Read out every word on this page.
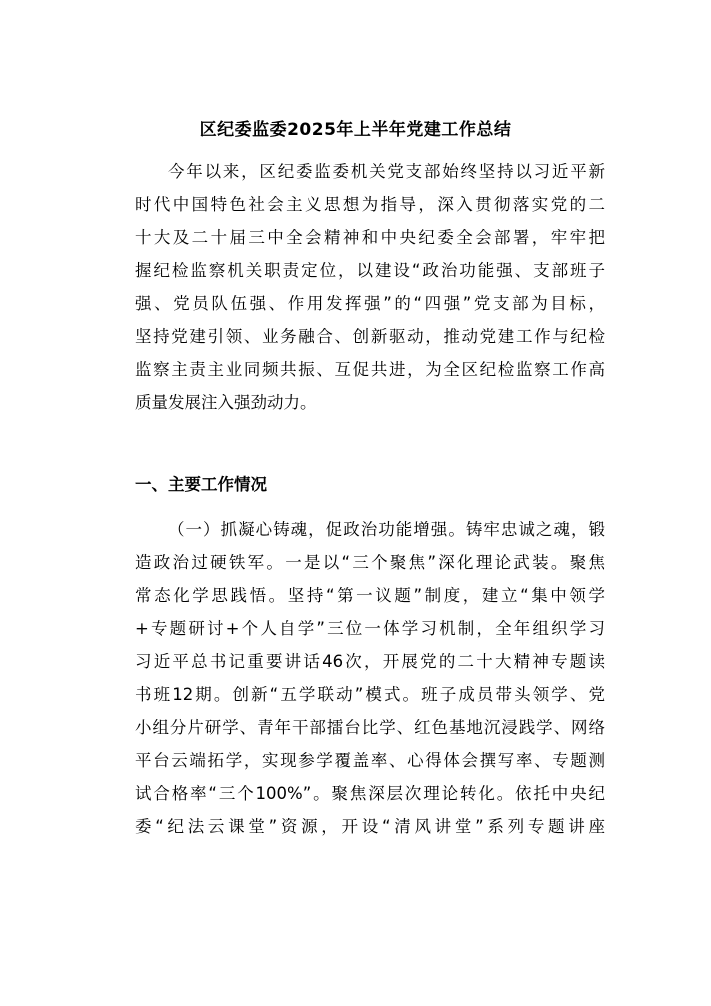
区纪委监委2025年上半年党建工作总结
今年以来，区纪委监委机关党支部始终坚持以习近平新
时代中国特色社会主义思想为指导，深入贯彻落实党的二
十大及二十届三中全会精神和中央纪委全会部署，牢牢把
握纪检监察机关职责定位，以建设“政治功能强、支部班子
强、党员队伍强、作用发挥强”的“四强”党支部为目标，
坚持党建引领、业务融合、创新驱动，推动党建工作与纪检
监察主责主业同频共振、互促共进，为全区纪检监察工作高
质量发展注入强劲动力。
一、主要工作情况
（一）抓凝心铸魂，促政治功能增强。铸牢忠诚之魂，锻
造政治过硬铁军。一是以“三个聚焦”深化理论武装。聚焦
常态化学思践悟。坚持“第一议题”制度，建立“集中领学
+专题研讨+个人自学”三位一体学习机制，全年组织学习
习近平总书记重要讲话46次，开展党的二十大精神专题读
书班12期。创新“五学联动”模式。班子成员带头领学、党
小组分片研学、青年干部擂台比学、红色基地沉浸践学、网络
平台云端拓学，实现参学覆盖率、心得体会撰写率、专题测
试合格率“三个100%”。聚焦深层次理论转化。依托中央纪
委“纪法云课堂”资源，开设“清风讲堂”系列专题讲座
